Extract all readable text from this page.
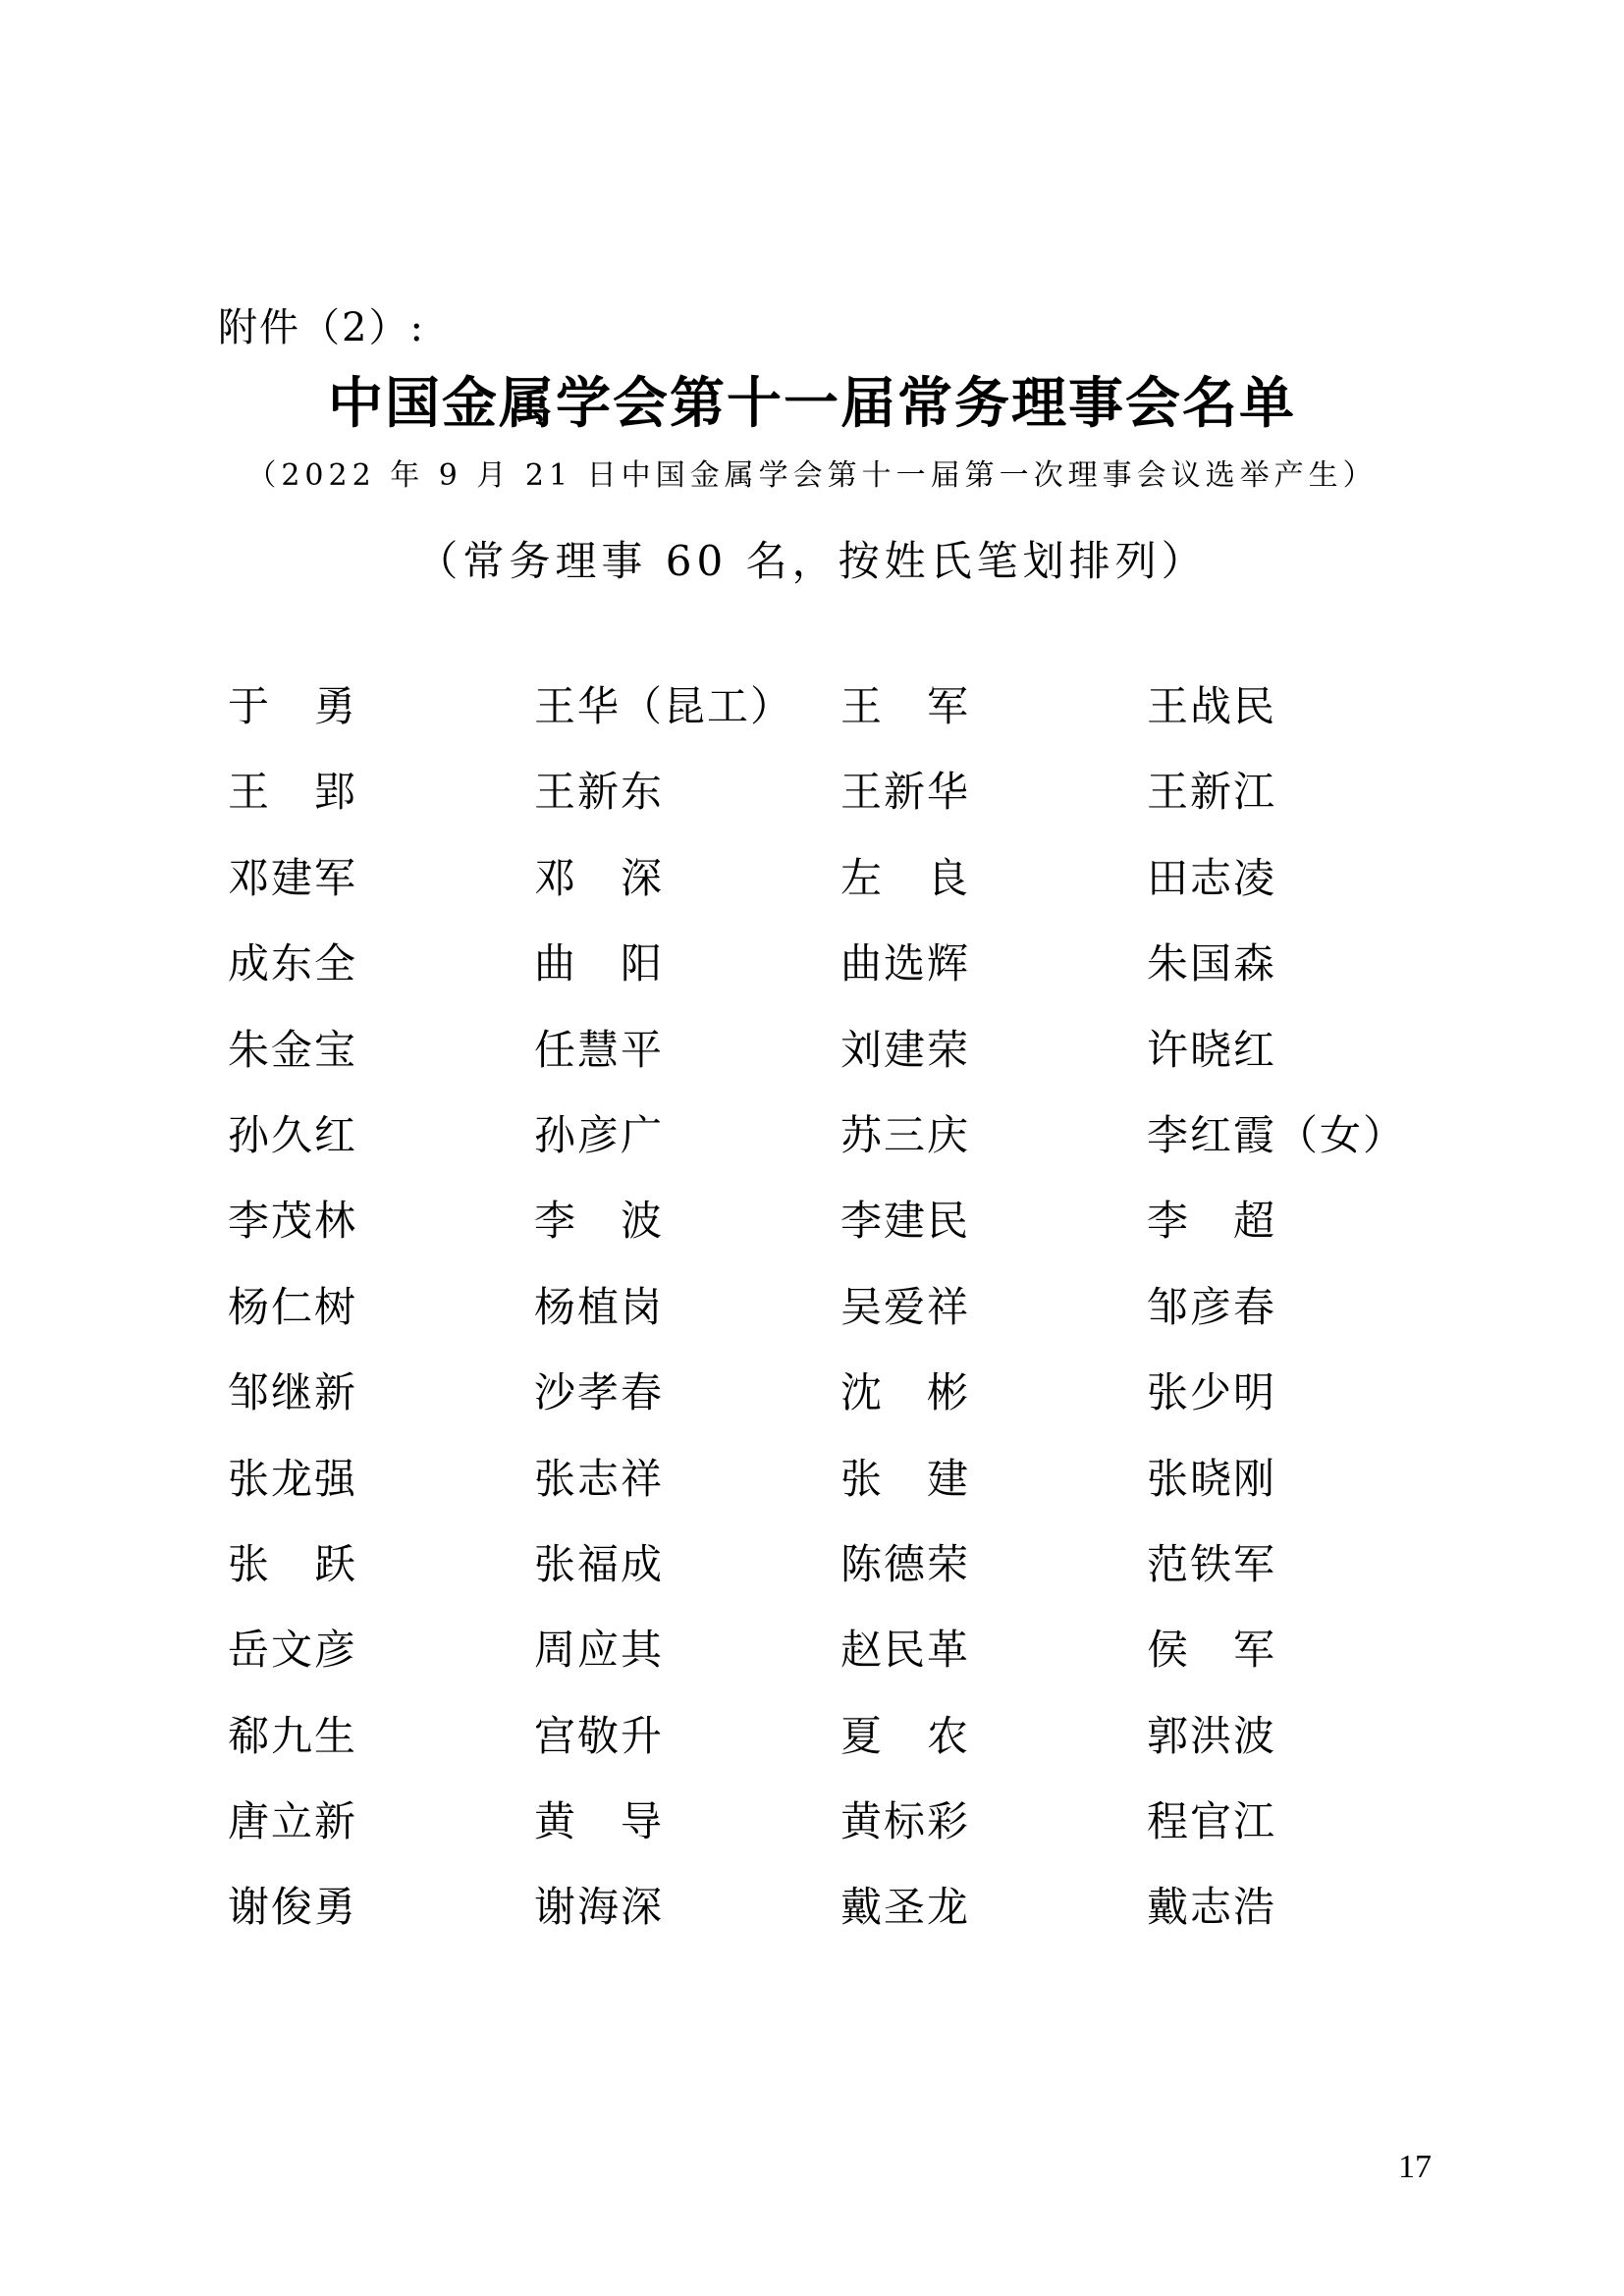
附件（2）:
中国金属学会第十一届常务理事会名单
（2022 年 9 月 21 日中国金属学会第十一届第一次理事会议选举产生）
（常务理事 60 名，按姓氏笔划排列）
于　勇	王华（昆工）	王　军	王战民
王　郢	王新东	王新华	王新江
邓建军	邓　深	左　良	田志凌
成东全	曲　阳	曲选辉	朱国森
朱金宝	任慧平	刘建荣	许晓红
孙久红	孙彦广	苏三庆	李红霞（女）
李茂林	李　波	李建民	李　超
杨仁树	杨植岗	吴爱祥	邹彦春
邹继新	沙孝春	沈　彬	张少明
张龙强	张志祥	张　建	张晓刚
张　跃	张福成	陈德荣	范铁军
岳文彦	周应其	赵民革	侯　军
郗九生	宫敬升	夏　农	郭洪波
唐立新	黄　导	黄标彩	程官江
谢俊勇	谢海深	戴圣龙	戴志浩
17
